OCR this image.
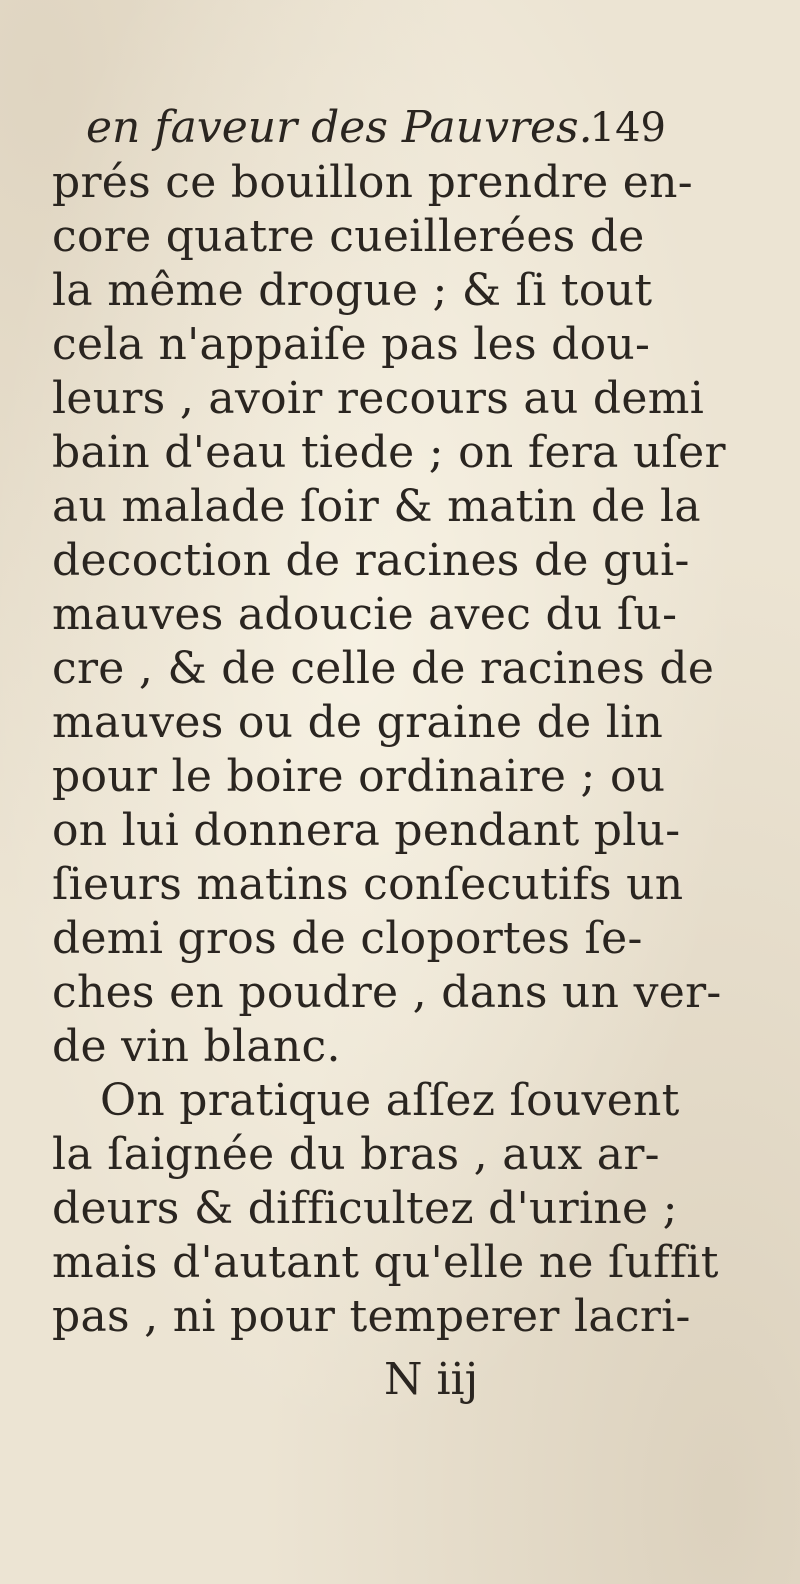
en faveur des Pauvres.
149
prés ce bouillon prendre en-
core quatre cueillerées de
la même drogue ; & ſi tout
cela n'appaiſe pas les dou-
leurs , avoir recours au demi
bain d'eau tiede ; on fera uſer
au malade ſoir & matin de la
decoction de racines de gui-
mauves adoucie avec du ſu-
cre , & de celle de racines de
mauves ou de graine de lin
pour le boire ordinaire ; ou
on lui donnera pendant plu-
ſieurs matins conſecutifs un
demi gros de cloportes ſe-
ches en poudre , dans un ver-
de vin blanc.
On pratique aſſez ſouvent
la ſaignée du bras , aux ar-
deurs & difficultez d'urine ;
mais d'autant qu'elle ne ſuffit
pas , ni pour temperer lacri-
N iij
